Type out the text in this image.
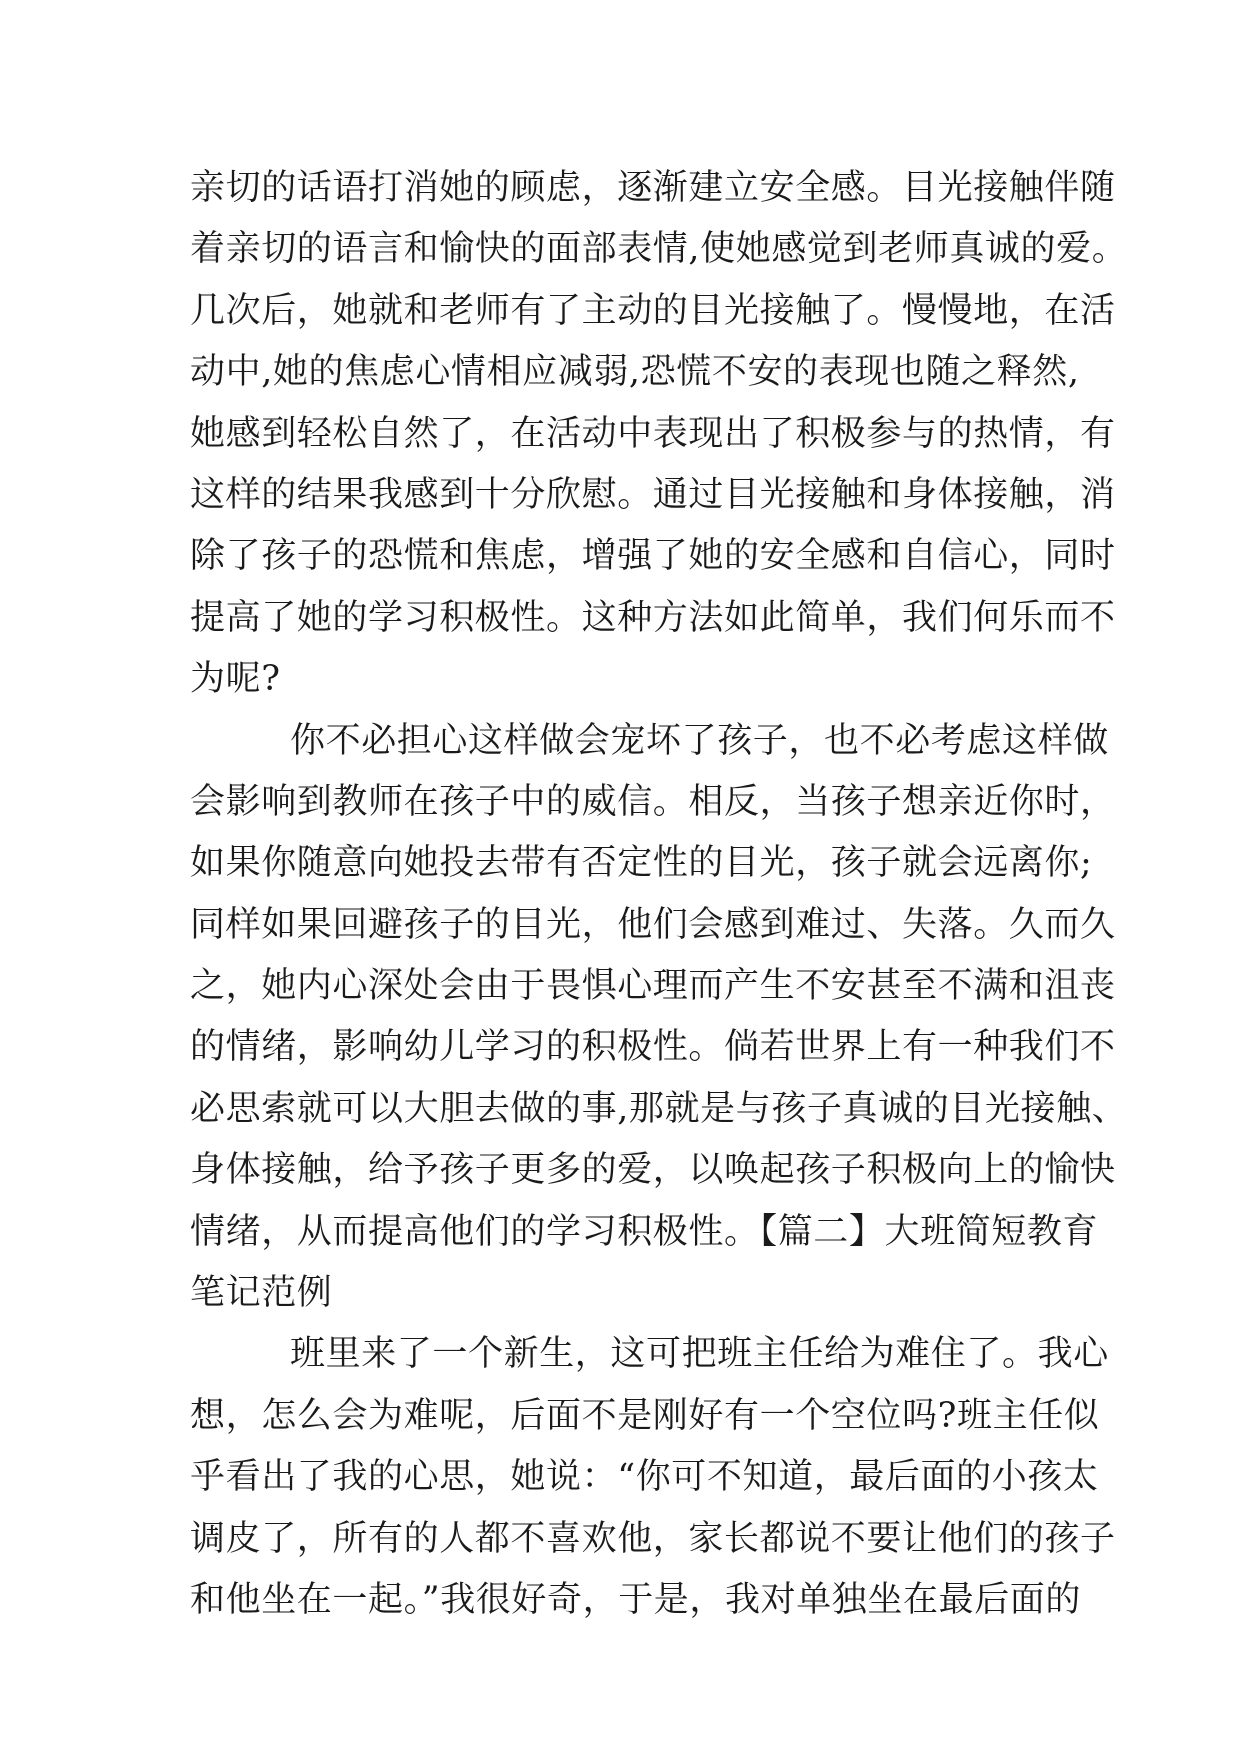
亲切的话语打消她的顾虑，逐渐建立安全感。目光接触伴随
着亲切的语言和愉快的面部表情,使她感觉到老师真诚的爱。
几次后，她就和老师有了主动的目光接触了。慢慢地，在活
动中,她的焦虑心情相应减弱,恐慌不安的表现也随之释然,
她感到轻松自然了，在活动中表现出了积极参与的热情，有
这样的结果我感到十分欣慰。通过目光接触和身体接触，消
除了孩子的恐慌和焦虑，增强了她的安全感和自信心，同时
提高了她的学习积极性。这种方法如此简单，我们何乐而不
为呢?
你不必担心这样做会宠坏了孩子，也不必考虑这样做
会影响到教师在孩子中的威信。相反，当孩子想亲近你时，
如果你随意向她投去带有否定性的目光，孩子就会远离你;
同样如果回避孩子的目光，他们会感到难过、失落。久而久
之，她内心深处会由于畏惧心理而产生不安甚至不满和沮丧
的情绪，影响幼儿学习的积极性。倘若世界上有一种我们不
必思索就可以大胆去做的事,那就是与孩子真诚的目光接触、
身体接触，给予孩子更多的爱，以唤起孩子积极向上的愉快
情绪，从而提高他们的学习积极性。【篇二】大班简短教育
笔记范例
班里来了一个新生，这可把班主任给为难住了。我心
想，怎么会为难呢，后面不是刚好有一个空位吗?班主任似
乎看出了我的心思，她说：“你可不知道，最后面的小孩太
调皮了，所有的人都不喜欢他，家长都说不要让他们的孩子
和他坐在一起。”我很好奇，于是，我对单独坐在最后面的
